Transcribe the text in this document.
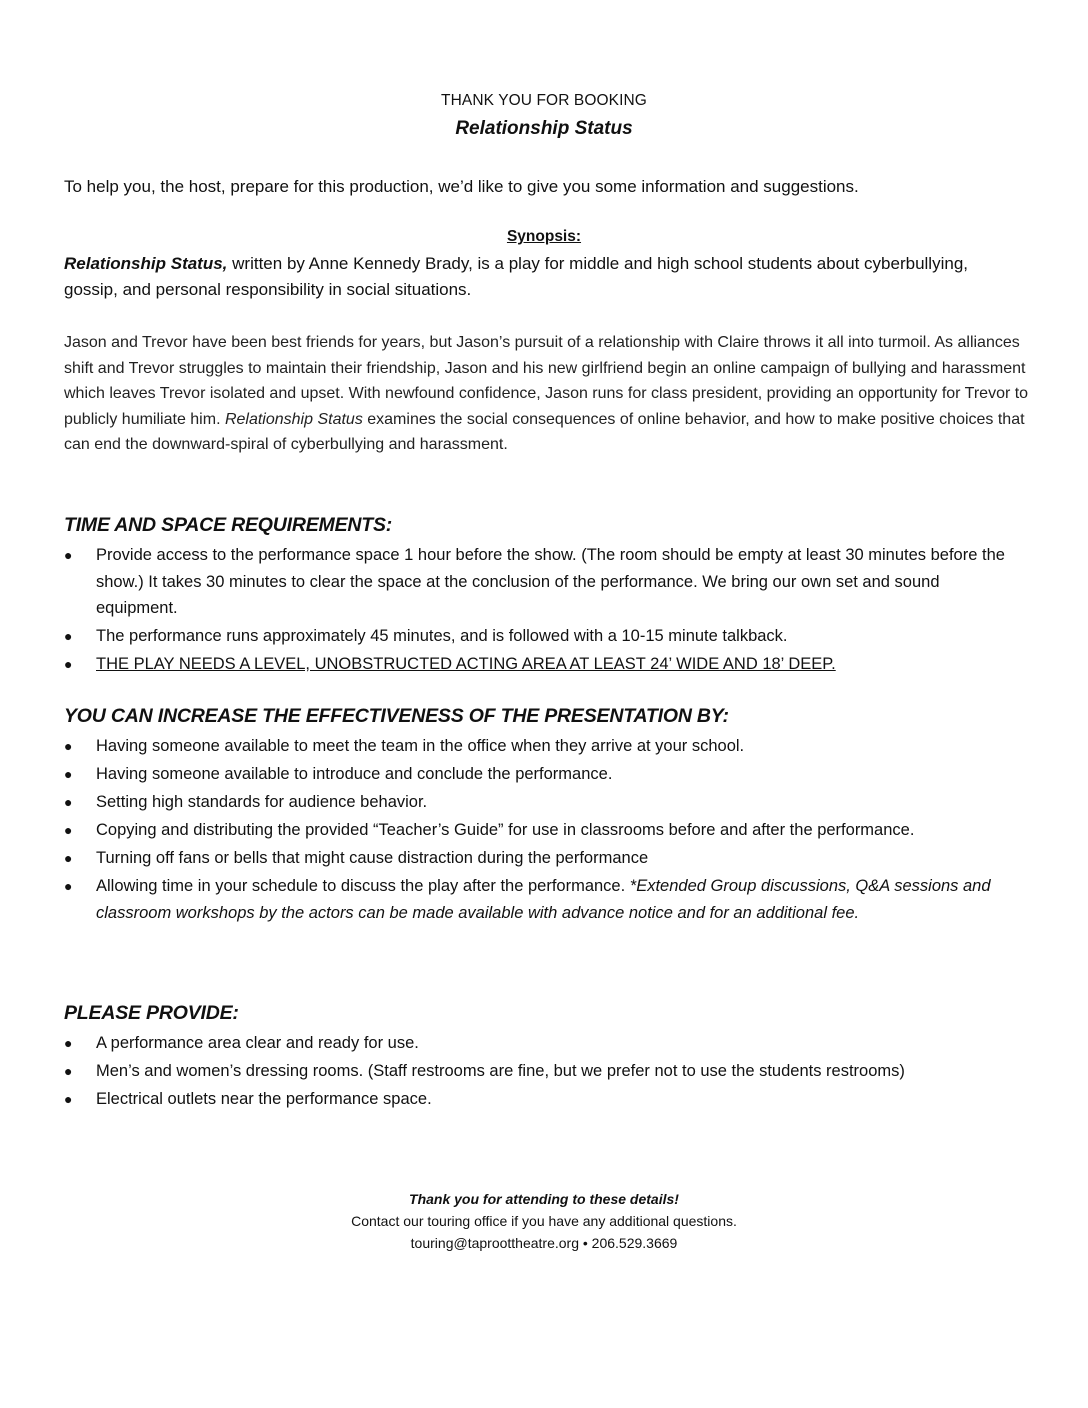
THANK YOU FOR BOOKING
Relationship Status
To help you, the host, prepare for this production, we’d like to give you some information and suggestions.
Synopsis:
Relationship Status, written by Anne Kennedy Brady, is a play for middle and high school students about cyberbullying, gossip, and personal responsibility in social situations.
Jason and Trevor have been best friends for years, but Jason’s pursuit of a relationship with Claire throws it all into turmoil. As alliances shift and Trevor struggles to maintain their friendship, Jason and his new girlfriend begin an online campaign of bullying and harassment which leaves Trevor isolated and upset. With newfound confidence, Jason runs for class president, providing an opportunity for Trevor to publicly humiliate him. Relationship Status examines the social consequences of online behavior, and how to make positive choices that can end the downward-spiral of cyberbullying and harassment.
TIME AND SPACE REQUIREMENTS:
●	Provide access to the performance space 1 hour before the show. (The room should be empty at least 30 minutes before the show.) It takes 30 minutes to clear the space at the conclusion of the performance. We bring our own set and sound equipment.
●	The performance runs approximately 45 minutes, and is followed with a 10-15 minute talkback.
●	THE PLAY NEEDS A LEVEL, UNOBSTRUCTED ACTING AREA AT LEAST 24’ WIDE AND 18’ DEEP.
YOU CAN INCREASE THE EFFECTIVENESS OF THE PRESENTATION BY:
●	Having someone available to meet the team in the office when they arrive at your school.
●	Having someone available to introduce and conclude the performance.
●	Setting high standards for audience behavior.
●	Copying and distributing the provided “Teacher’s Guide” for use in classrooms before and after the performance.
●	Turning off fans or bells that might cause distraction during the performance
●	Allowing time in your schedule to discuss the play after the performance. *Extended Group discussions, Q&A sessions and classroom workshops by the actors can be made available with advance notice and for an additional fee.
PLEASE PROVIDE:
●	A performance area clear and ready for use.
●	Men’s and women’s dressing rooms. (Staff restrooms are fine, but we prefer not to use the students restrooms)
●	Electrical outlets near the performance space.
Thank you for attending to these details!
Contact our touring office if you have any additional questions.
touring@taproottheatre.org • 206.529.3669
